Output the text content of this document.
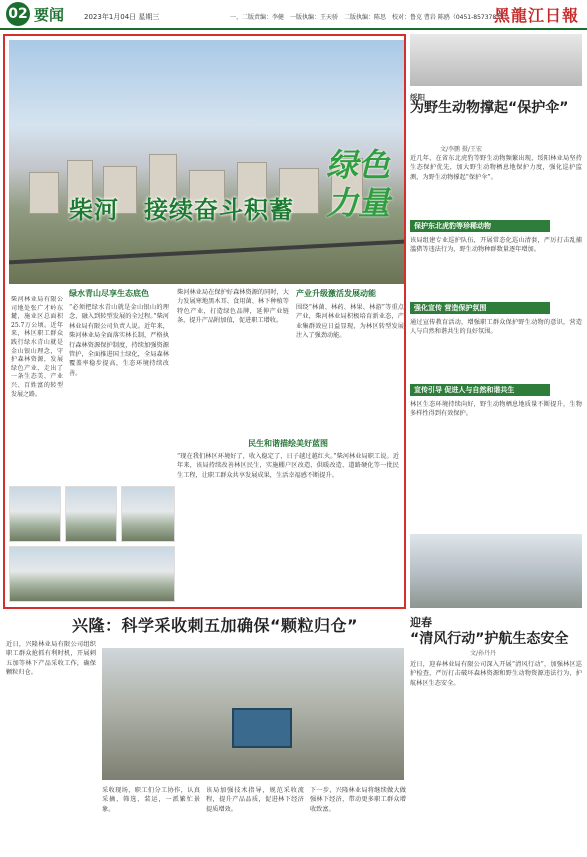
02 要闻	2023年1月04日 星期三	一、二版责编：李健　一版执编：王天骄　二版执编：陈思　校对：鲁克 曹岩 陈鸥（0451-85737835）
黑龍江日報
柴河　接续奋斗积蓄
绿色
力量
柴河林业局有限公司地处张广才岭东麓，施业区总面积25.7万公顷。近年来，林区职工群众践行绿水青山就是金山银山理念，守护森林资源，发展绿色产业，走出了一条生态美、产业兴、百姓富的转型发展之路。
绿水青山尽享生态底色
“必须把绿水青山就是金山银山的理念，融入到转型发展的全过程。”柴河林业局有限公司负责人说。近年来，柴河林业局全面落实林长制，严格执行森林资源保护制度，持续加强资源管护，全面推进国土绿化，全局森林覆盖率稳步提高，生态环境持续改善。
柴河林业局在保护好森林资源的同时，大力发展寒地黑木耳、食用菌、林下种植等特色产业，打造绿色品牌，延伸产业链条，提升产品附加值，促进职工增收。
产业升级激活发展动能
围绕“林菌、林药、林果、林游”等重点产业，柴河林业局积极培育新业态，产业集群效应日益显现，为林区转型发展注入了强劲动能。
民生和谐描绘美好蓝图
“现在我们林区环境好了，收入稳定了，日子越过越红火。”柴河林业局职工说。近年来，该局持续改善林区民生，实施棚户区改造、供暖改造、道路硬化等一批民生工程，让职工群众共享发展成果，生活幸福感不断提升。
兴隆：科学采收刺五加确保“颗粒归仓”
近日，兴隆林业局有限公司组织职工群众抢抓有利时机，开展刺五加等林下产品采收工作，确保颗粒归仓。
采收现场，职工们分工协作，认真采摘、筛选、装运，一派繁忙景象。
该局加强技术指导，规范采收流程，提升产品品质，促进林下经济提质增效。
下一步，兴隆林业局将继续做大做强林下经济，带动更多职工群众增收致富。
绥阳
为野生动物撑起“保护伞”
文/李鹏 摄/王宏
近几年，在省东北虎豹等野生动物频繁出现，绥阳林业局坚持生态保护优先，加大野生动物栖息地保护力度，强化巡护监测，为野生动物撑起“保护伞”。
保护东北虎豹等珍稀动物
该局组建专业巡护队伍，开展常态化巡山清套，严厉打击乱捕滥猎等违法行为，野生动物种群数量逐年增加。
强化宣传 营造保护氛围
通过宣传教育活动，增强职工群众保护野生动物的意识，营造人与自然和谐共生的良好氛围。
宣传引导 促进人与自然和谐共生
林区生态环境持续向好，野生动物栖息地质量不断提升，生物多样性得到有效保护。
迎春
“清风行动”护航生态安全
文/孙丹丹
近日，迎春林业局有限公司深入开展“清风行动”，加强林区巡护检查，严厉打击破坏森林资源和野生动物资源违法行为，护航林区生态安全。
